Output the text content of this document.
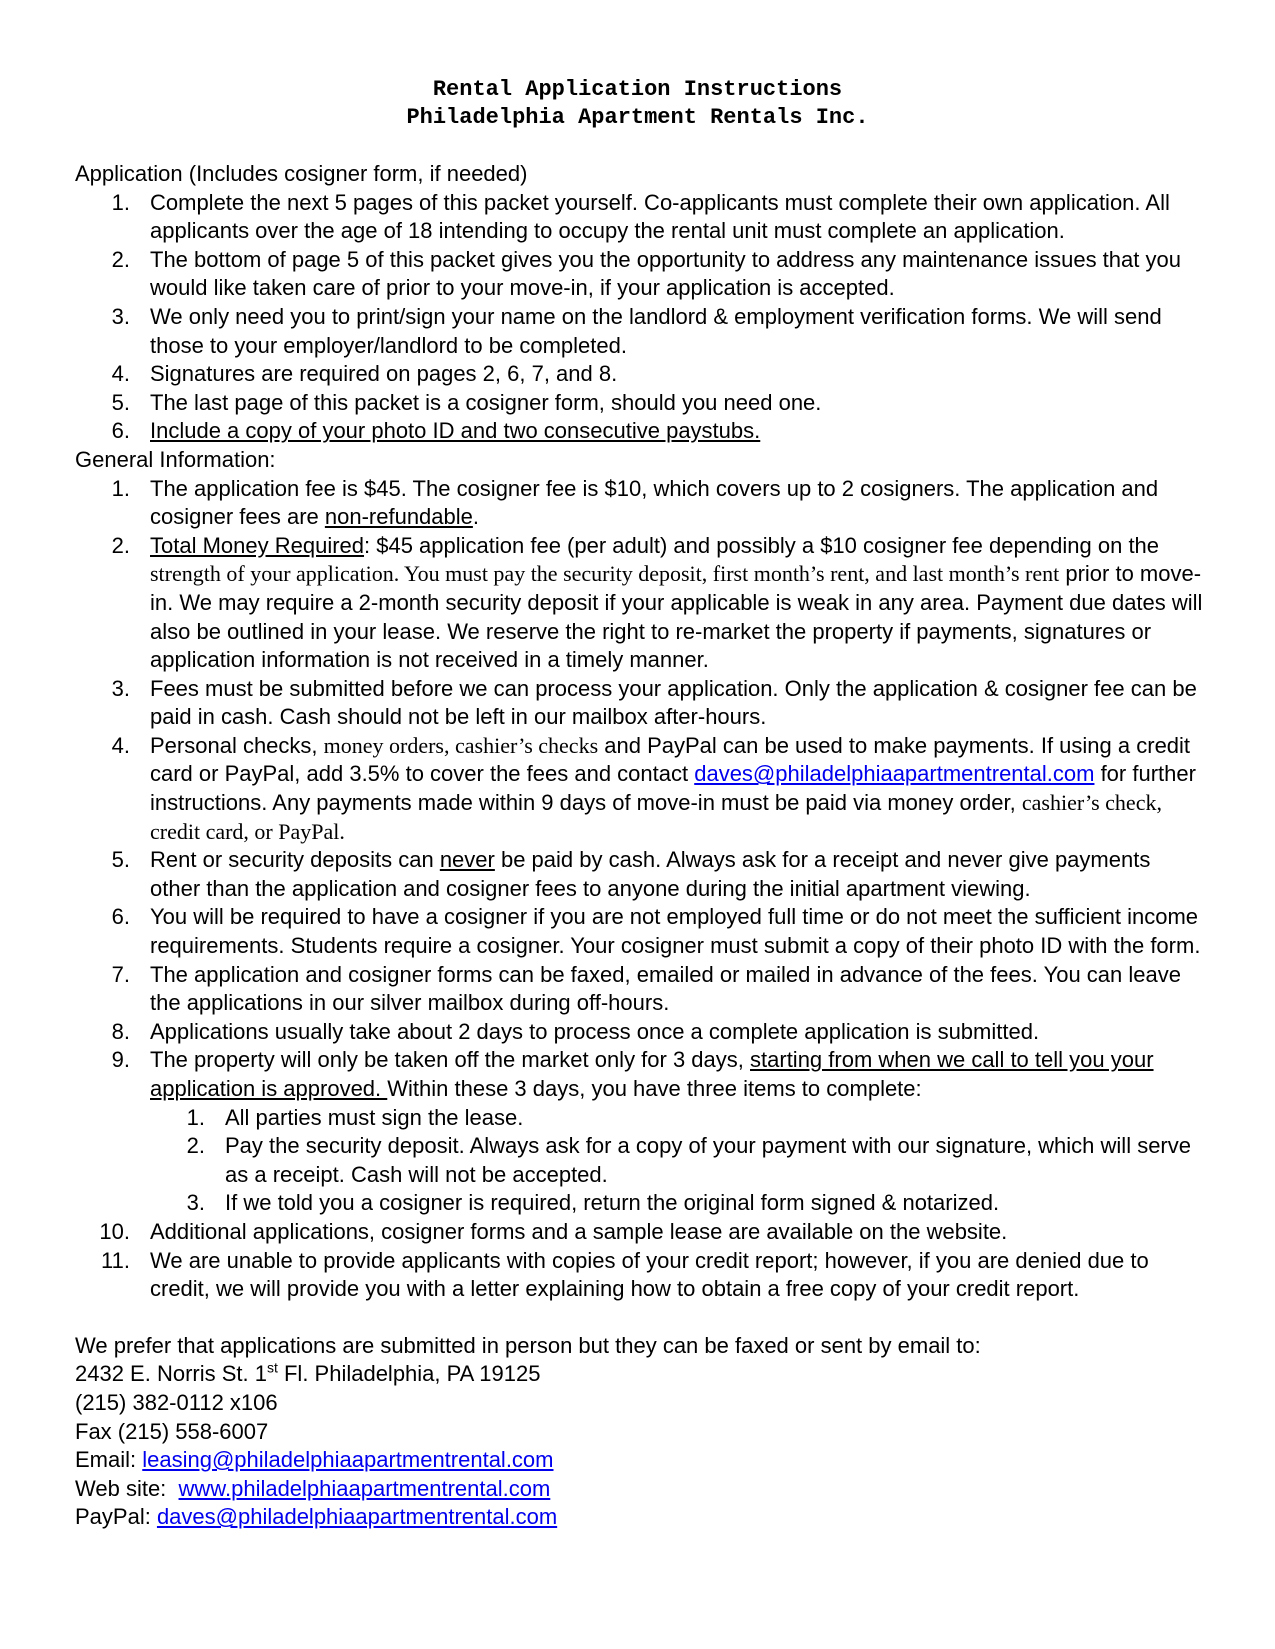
Rental Application Instructions
Philadelphia Apartment Rentals Inc.

Application (Includes cosigner form, if needed)

1. Complete the next 5 pages of this packet yourself. Co-applicants must complete their own application. All applicants over the age of 18 intending to occupy the rental unit must complete an application.
2. The bottom of page 5 of this packet gives you the opportunity to address any maintenance issues that you would like taken care of prior to your move-in, if your application is accepted.
3. We only need you to print/sign your name on the landlord & employment verification forms. We will send those to your employer/landlord to be completed.
4. Signatures are required on pages 2, 6, 7, and 8.
5. The last page of this packet is a cosigner form, should you need one.
6. Include a copy of your photo ID and two consecutive paystubs.

General Information:

1. The application fee is $45. The cosigner fee is $10, which covers up to 2 cosigners. The application and cosigner fees are non-refundable.
2. Total Money Required: $45 application fee (per adult) and possibly a $10 cosigner fee depending on the strength of your application. You must pay the security deposit, first month’s rent, and last month’s rent prior to move-in. We may require a 2-month security deposit if your applicable is weak in any area. Payment due dates will also be outlined in your lease. We reserve the right to re-market the property if payments, signatures or application information is not received in a timely manner.
3. Fees must be submitted before we can process your application. Only the application & cosigner fee can be paid in cash. Cash should not be left in our mailbox after-hours.
4. Personal checks, money orders, cashier’s checks and PayPal can be used to make payments. If using a credit card or PayPal, add 3.5% to cover the fees and contact daves@philadelphiaapartmentrental.com for further instructions. Any payments made within 9 days of move-in must be paid via money order, cashier’s check, credit card, or PayPal.
5. Rent or security deposits can never be paid by cash. Always ask for a receipt and never give payments other than the application and cosigner fees to anyone during the initial apartment viewing.
6. You will be required to have a cosigner if you are not employed full time or do not meet the sufficient income requirements. Students require a cosigner. Your cosigner must submit a copy of their photo ID with the form.
7. The application and cosigner forms can be faxed, emailed or mailed in advance of the fees. You can leave the applications in our silver mailbox during off-hours.
8. Applications usually take about 2 days to process once a complete application is submitted.
9. The property will only be taken off the market only for 3 days, starting from when we call to tell you your application is approved. Within these 3 days, you have three items to complete:
1. All parties must sign the lease.
2. Pay the security deposit. Always ask for a copy of your payment with our signature, which will serve as a receipt. Cash will not be accepted.
3. If we told you a cosigner is required, return the original form signed & notarized.
10. Additional applications, cosigner forms and a sample lease are available on the website.
11. We are unable to provide applicants with copies of your credit report; however, if you are denied due to credit, we will provide you with a letter explaining how to obtain a free copy of your credit report.

We prefer that applications are submitted in person but they can be faxed or sent by email to:

2432 E. Norris St. 1st Fl. Philadelphia, PA 19125

(215) 382-0112 x106

Fax (215) 558-6007

Email: leasing@philadelphiaapartmentrental.com

Web site:  www.philadelphiaapartmentrental.com

PayPal: daves@philadelphiaapartmentrental.com
